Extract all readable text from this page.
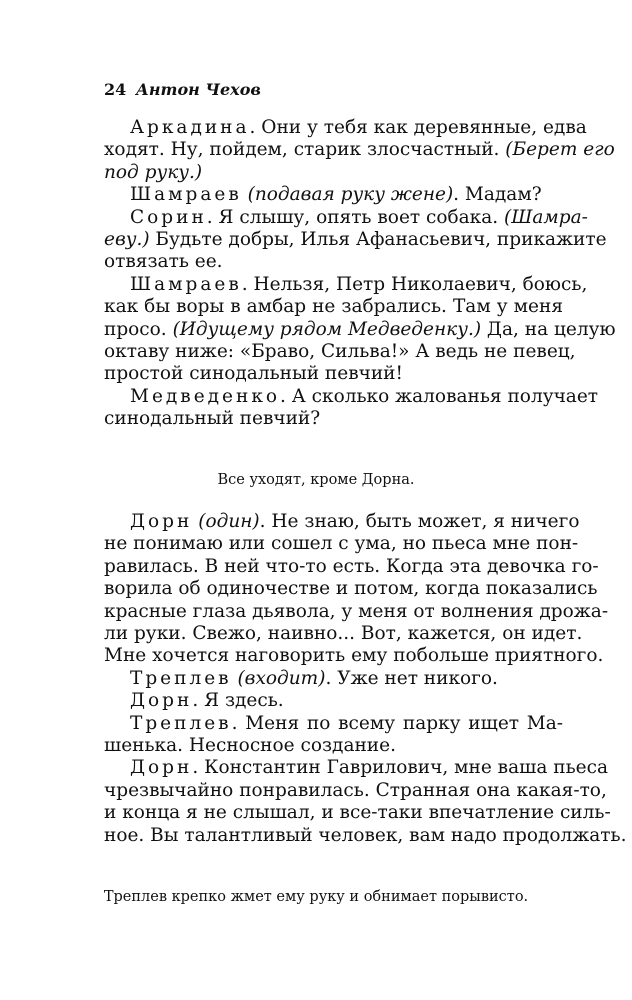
24 Антон Чехов
Аркадина. Они у тебя как деревянные, едва
ходят. Ну, пойдем, старик злосчастный. (Берет его
под руку.)
Шамраев (подавая руку жене). Мадам?
Сорин. Я слышу, опять воет собака. (Шамра-
еву.) Будьте добры, Илья Афанасьевич, прикажите
отвязать ее.
Шамраев. Нельзя, Петр Николаевич, боюсь,
как бы воры в амбар не забрались. Там у меня
просо. (Идущему рядом Медведенку.) Да, на целую
октаву ниже: «Браво, Сильва!» А ведь не певец,
простой синодальный певчий!
Медведенко. А сколько жалованья получает
синодальный певчий?
Все уходят, кроме Дорна.
Дорн (один). Не знаю, быть может, я ничего
не понимаю или сошел с ума, но пьеса мне пон-
равилась. В ней что-то есть. Когда эта девочка го-
ворила об одиночестве и потом, когда показались
красные глаза дьявола, у меня от волнения дрожа-
ли руки. Свежо, наивно... Вот, кажется, он идет.
Мне хочется наговорить ему побольше приятного.
Треплев (входит). Уже нет никого.
Дорн. Я здесь.
Треплев. Меня по всему парку ищет Ма-
шенька. Несносное создание.
Дорн. Константин Гаврилович, мне ваша пьеса
чрезвычайно понравилась. Странная она какая-то,
и конца я не слышал, и все-таки впечатление силь-
ное. Вы талантливый человек, вам надо продолжать.
Треплев крепко жмет ему руку и обнимает порывисто.
